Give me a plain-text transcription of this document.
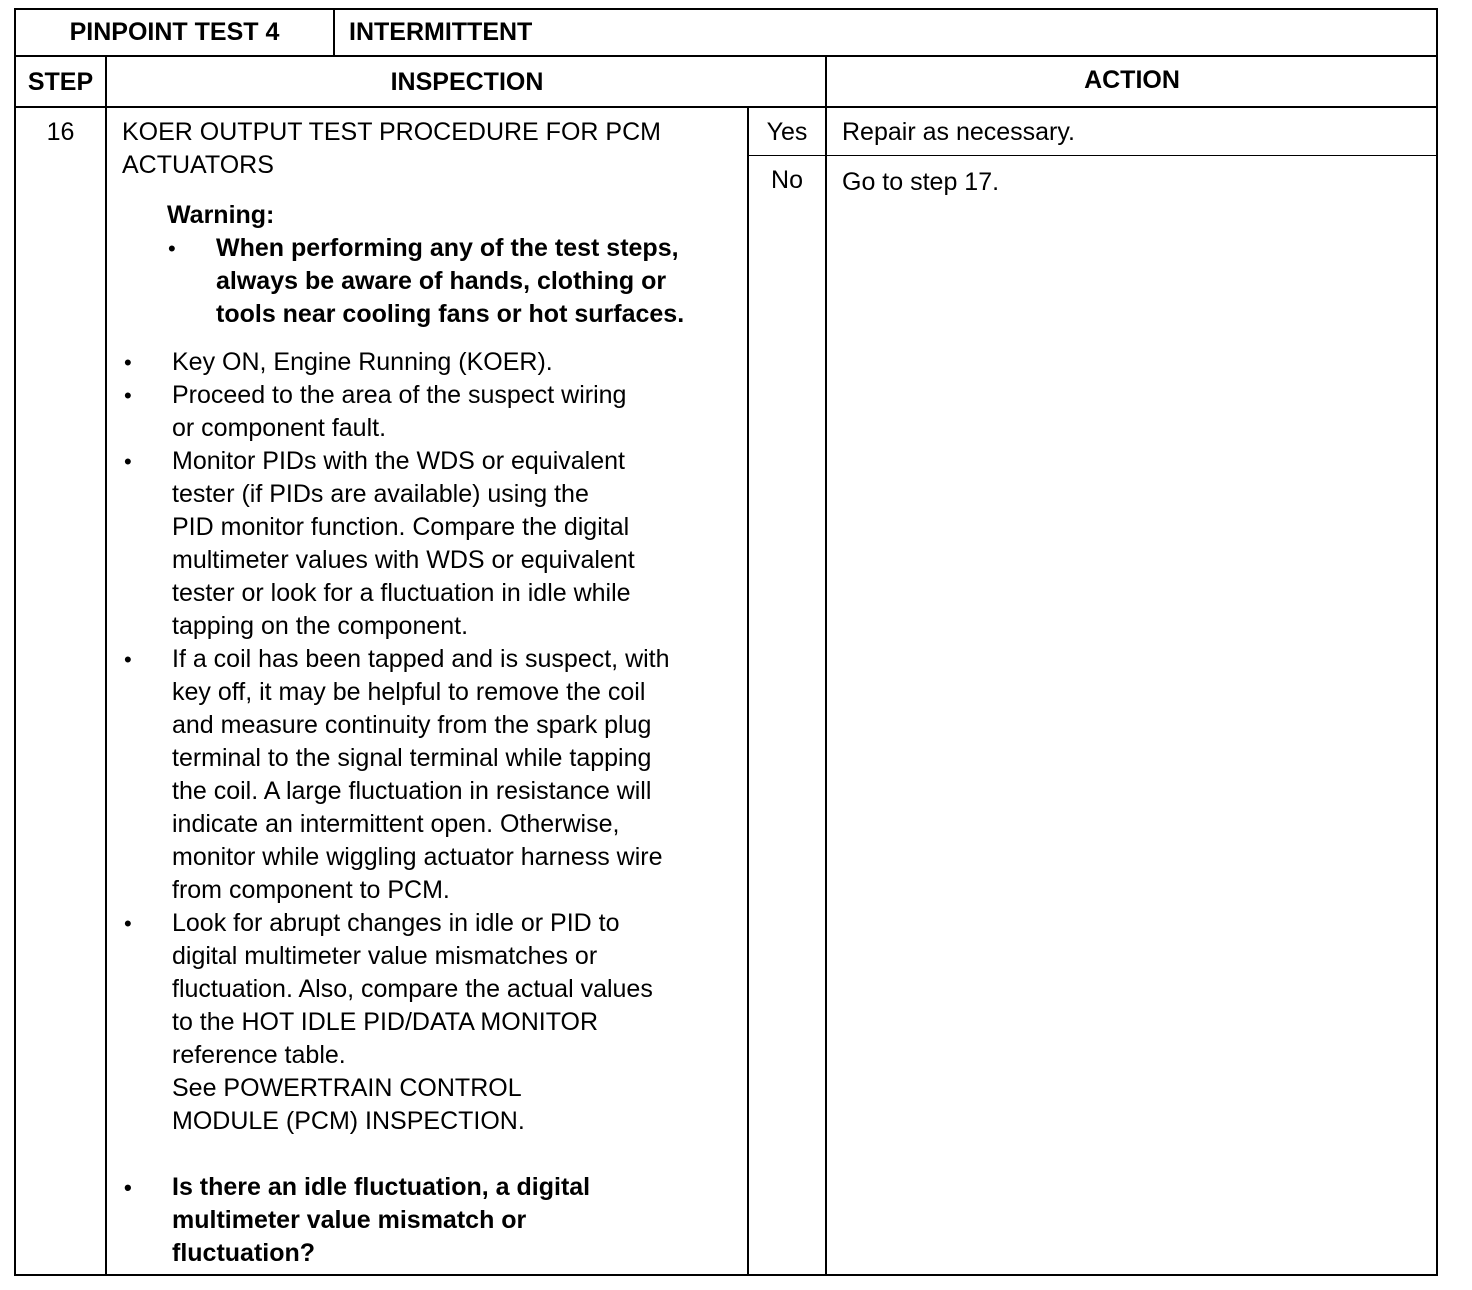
PINPOINT TEST 4	INTERMITTENT
STEP	INSPECTION	ACTION
16	KOER OUTPUT TEST PROCEDURE FOR PCM
ACTUATORS
Warning:
• When performing any of the test steps,
always be aware of hands, clothing or
tools near cooling fans or hot surfaces.
• Key ON, Engine Running (KOER).
• Proceed to the area of the suspect wiring
or component fault.
• Monitor PIDs with the WDS or equivalent
tester (if PIDs are available) using the
PID monitor function. Compare the digital
multimeter values with WDS or equivalent
tester or look for a fluctuation in idle while
tapping on the component.
• If a coil has been tapped and is suspect, with
key off, it may be helpful to remove the coil
and measure continuity from the spark plug
terminal to the signal terminal while tapping
the coil. A large fluctuation in resistance will
indicate an intermittent open. Otherwise,
monitor while wiggling actuator harness wire
from component to PCM.
• Look for abrupt changes in idle or PID to
digital multimeter value mismatches or
fluctuation. Also, compare the actual values
to the HOT IDLE PID/DATA MONITOR
reference table.
See POWERTRAIN CONTROL
MODULE (PCM) INSPECTION.
• Is there an idle fluctuation, a digital
multimeter value mismatch or
fluctuation?
Yes	Repair as necessary.
No	Go to step 17.
